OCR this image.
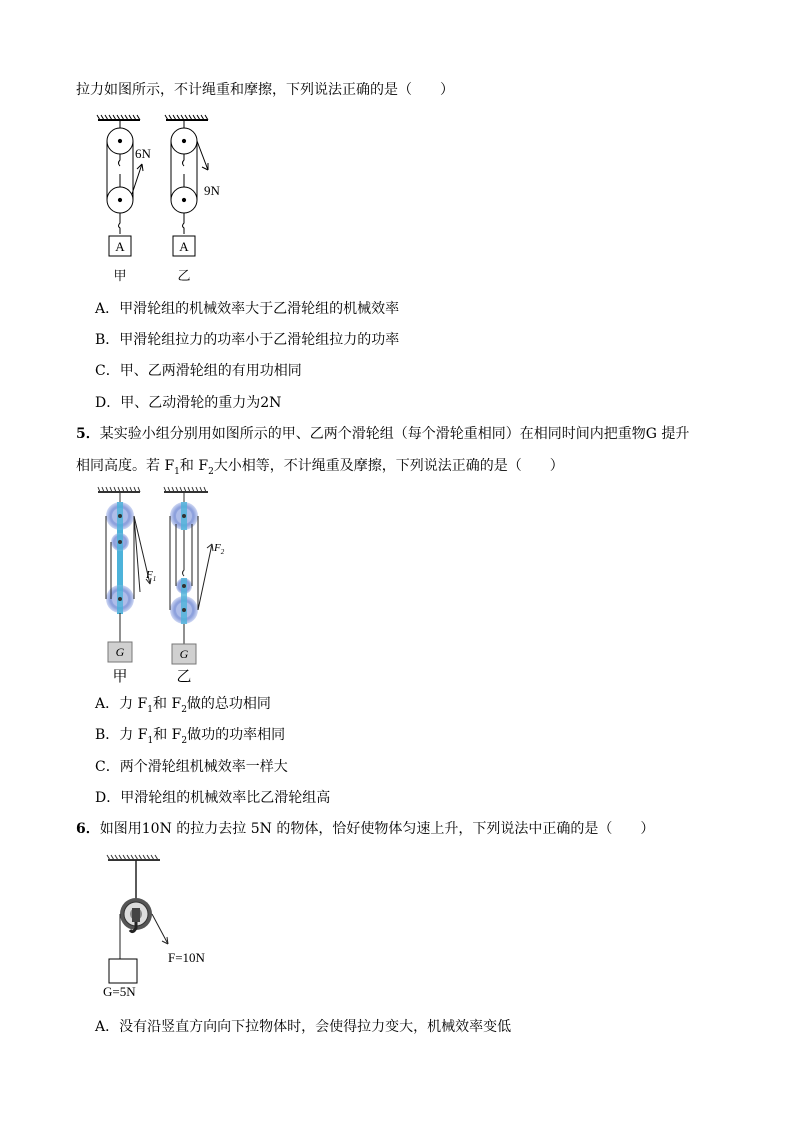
拉力如图所示，不计绳重和摩擦，下列说法正确的是（　　）
6N
A
甲
9N
A
乙
A．甲滑轮组的机械效率大于乙滑轮组的机械效率
B．甲滑轮组拉力的功率小于乙滑轮组拉力的功率
C．甲、乙两滑轮组的有用功相同
D．甲、乙动滑轮的重力为2N
5．某实验小组分别用如图所示的甲、乙两个滑轮组（每个滑轮重相同）在相同时间内把重物G 提升
相同高度。若 $F_1$和 $F_2$大小相等，不计绳重及摩擦，下列说法正确的是（　　）
$F_1$
G
甲
$F_2$
G
乙
A．力 $F_1$和 $F_2$做的总功相同
B．力 $F_1$和 $F_2$做功的功率相同
C．两个滑轮组机械效率一样大
D．甲滑轮组的机械效率比乙滑轮组高
6．如图用10N 的拉力去拉 5N 的物体，恰好使物体匀速上升，下列说法中正确的是（　　）
F=10N
G=5N
A．没有沿竖直方向向下拉物体时，会使得拉力变大，机械效率变低
